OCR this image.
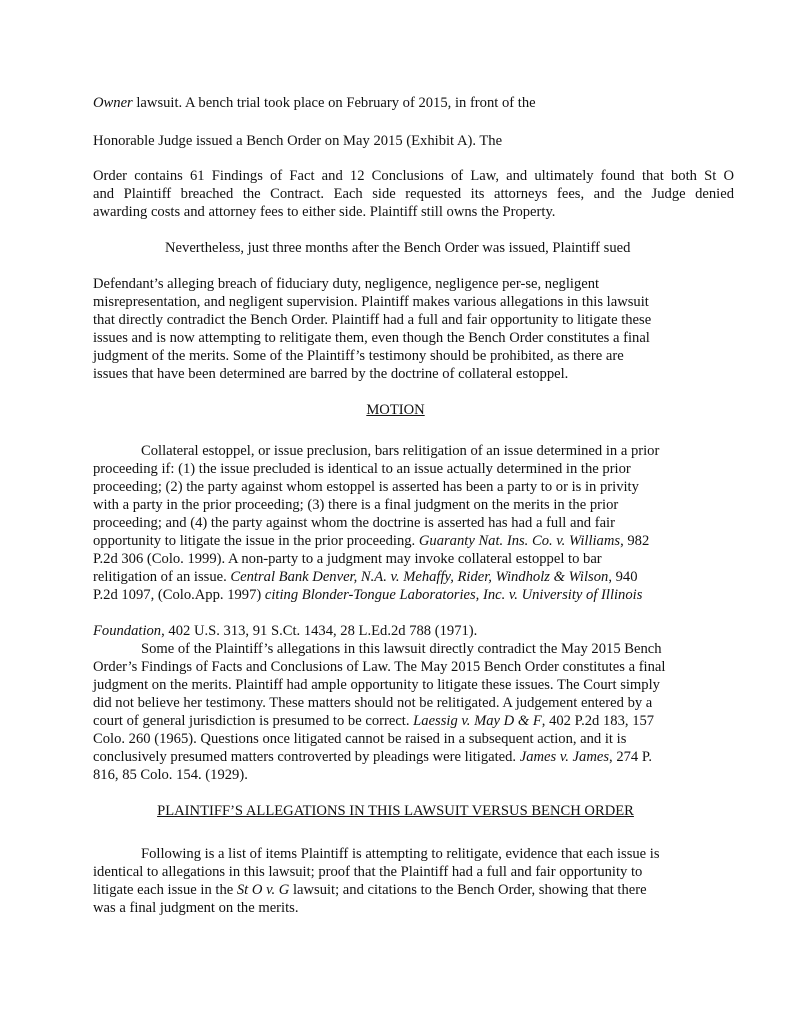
Owner lawsuit. A bench trial took place on February of 2015, in front of the
Honorable Judge issued a Bench Order on May 2015 (Exhibit A). The
Order contains 61 Findings of Fact and 12 Conclusions of Law, and ultimately found that both St O
and Plaintiff breached the Contract. Each side requested its attorneys fees, and the Judge denied
awarding costs and attorney fees to either side. Plaintiff still owns the Property.
Nevertheless, just three months after the Bench Order was issued, Plaintiff sued
Defendant’s alleging breach of fiduciary duty, negligence, negligence per-se, negligent
misrepresentation, and negligent supervision. Plaintiff makes various allegations in this lawsuit
that directly contradict the Bench Order. Plaintiff had a full and fair opportunity to litigate these
issues and is now attempting to relitigate them, even though the Bench Order constitutes a final
judgment of the merits. Some of the Plaintiff’s testimony should be prohibited, as there are
issues that have been determined are barred by the doctrine of collateral estoppel.
MOTION
Collateral estoppel, or issue preclusion, bars relitigation of an issue determined in a prior
proceeding if: (1) the issue precluded is identical to an issue actually determined in the prior
proceeding; (2) the party against whom estoppel is asserted has been a party to or is in privity
with a party in the prior proceeding; (3) there is a final judgment on the merits in the prior
proceeding; and (4) the party against whom the doctrine is asserted has had a full and fair
opportunity to litigate the issue in the prior proceeding. Guaranty Nat. Ins. Co. v. Williams, 982
P.2d 306 (Colo. 1999). A non-party to a judgment may invoke collateral estoppel to bar
relitigation of an issue. Central Bank Denver, N.A. v. Mehaffy, Rider, Windholz & Wilson, 940
P.2d 1097, (Colo.App. 1997) citing Blonder-Tongue Laboratories, Inc. v. University of Illinois
Foundation, 402 U.S. 313, 91 S.Ct. 1434, 28 L.Ed.2d 788 (1971).
Some of the Plaintiff’s allegations in this lawsuit directly contradict the May 2015 Bench
Order’s Findings of Facts and Conclusions of Law. The May 2015 Bench Order constitutes a final
judgment on the merits. Plaintiff had ample opportunity to litigate these issues. The Court simply
did not believe her testimony. These matters should not be relitigated. A judgement entered by a
court of general jurisdiction is presumed to be correct. Laessig v. May D & F, 402 P.2d 183, 157
Colo. 260 (1965). Questions once litigated cannot be raised in a subsequent action, and it is
conclusively presumed matters controverted by pleadings were litigated. James v. James, 274 P.
816, 85 Colo. 154. (1929).
PLAINTIFF’S ALLEGATIONS IN THIS LAWSUIT VERSUS BENCH ORDER
Following is a list of items Plaintiff is attempting to relitigate, evidence that each issue is
identical to allegations in this lawsuit; proof that the Plaintiff had a full and fair opportunity to
litigate each issue in the St O v. G lawsuit; and citations to the Bench Order, showing that there
was a final judgment on the merits.
